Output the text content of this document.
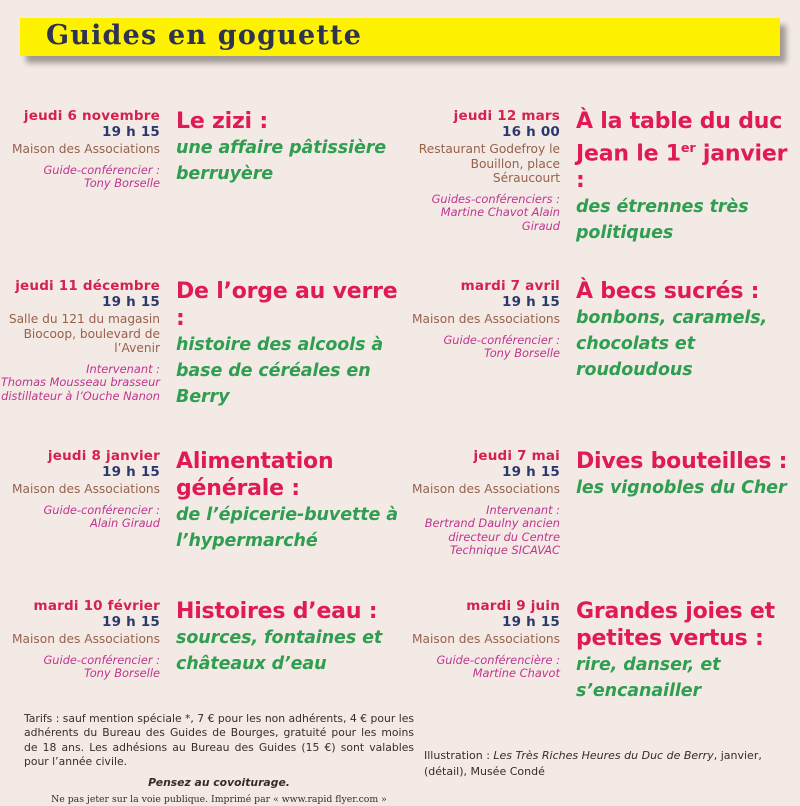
Guides en goguette
jeudi 6 novembre
19 h 15
Maison des Associations
Guide-conférencier :
Tony Borselle
Le zizi :
une affaire pâtissière berruyère
jeudi 11 décembre
19 h 15
Salle du 121 du magasin Biocoop, boulevard de l’Avenir
Intervenant :
Thomas Mousseau brasseur distillateur à l’Ouche Nanon
De l’orge au verre :
histoire des alcools à base de céréales en Berry
jeudi 8 janvier
19 h 15
Maison des Associations
Guide-conférencier :
Alain Giraud
Alimentation générale :
de l’épicerie-buvette à l’hypermarché
mardi 10 février
19 h 15
Maison des Associations
Guide-conférencier :
Tony Borselle
Histoires d’eau :
sources, fontaines et châteaux d’eau
jeudi 12 mars
16 h 00
Restaurant Godefroy le Bouillon, place Séraucourt
Guides-conférenciers :
Martine Chavot Alain Giraud
À la table du duc Jean le 1er janvier :
des étrennes très politiques
mardi 7 avril
19 h 15
Maison des Associations
Guide-conférencier :
Tony Borselle
À becs sucrés :
bonbons, caramels, chocolats et roudoudous
jeudi 7 mai
19 h 15
Maison des Associations
Intervenant :
Bertrand Daulny ancien directeur du Centre Technique SICAVAC
Dives bouteilles :
les vignobles du Cher
mardi 9 juin
19 h 15
Maison des Associations
Guide-conférencière :
Martine Chavot
Grandes joies et petites vertus :
rire, danser, et s’encanailler
Tarifs : sauf mention spéciale *, 7 € pour les non adhérents, 4 € pour les adhérents du Bureau des Guides de Bourges, gratuité pour les moins de 18 ans. Les adhésions au Bureau des Guides (15 €) sont valables pour l’année civile.
Pensez au covoiturage.
Ne pas jeter sur la voie publique. Imprimé par « www.rapid flyer.com »
Illustration : Les Très Riches Heures du Duc de Berry, janvier, (détail), Musée Condé
